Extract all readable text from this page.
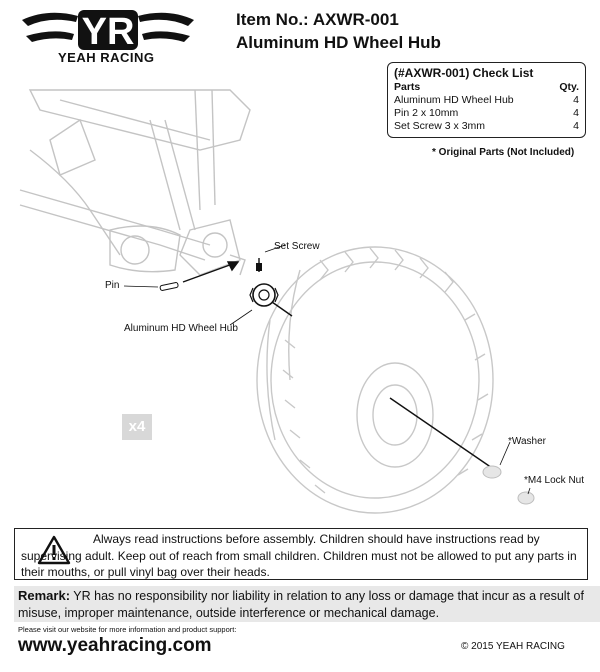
YR
YEAH RACING
Item No.: AXWR-001
Aluminum HD Wheel Hub
(#AXWR-001) Check List
Parts	Qty.
Aluminum HD Wheel Hub	4
Pin 2 x 10mm	4
Set Screw 3 x 3mm	4
* Original Parts (Not Included)
Set Screw
Pin
Aluminum HD Wheel Hub
*Washer
*M4 Lock Nut
x4
Always read instructions before assembly. Children should have instructions read by supervising adult. Keep out of reach from small children. Children must not be allowed to put any parts in their mouths, or pull vinyl bag over their heads.
Remark: YR has no responsibility nor liability in relation to any loss or damage that incur as a result of misuse, improper maintenance, outside interference or mechanical damage.
Please visit our website for more information and product support:
www.yeahracing.com	© 2015 YEAH RACING
